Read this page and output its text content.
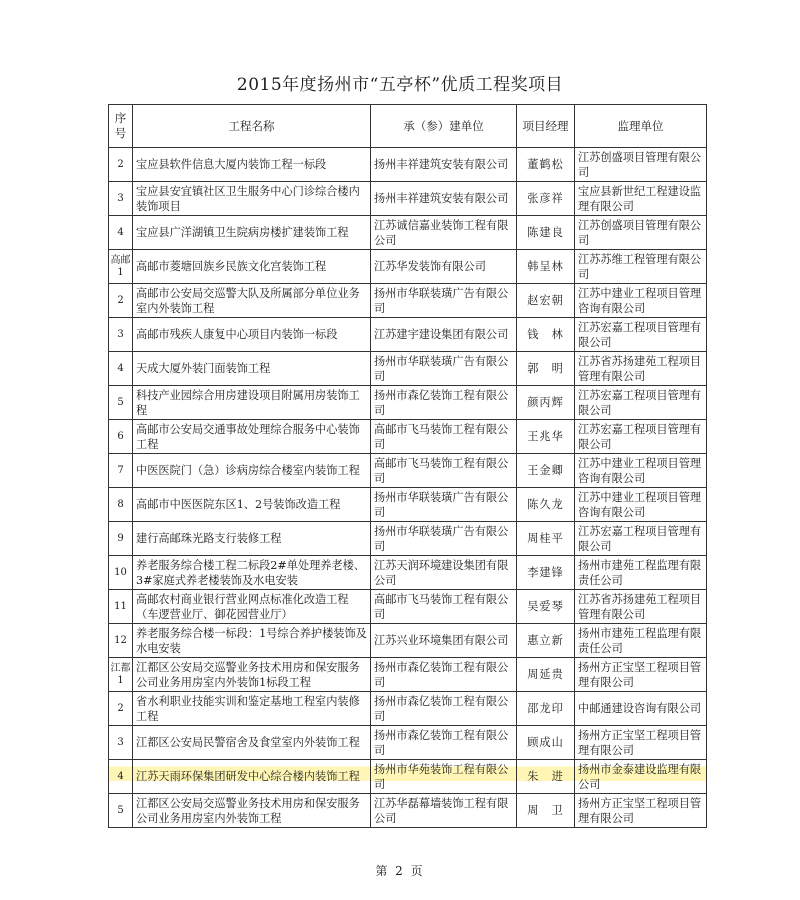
2015年度扬州市“五亭杯”优质工程奖项目
序号	工程名称	承（参）建单位	项目经理	监理单位
2	宝应县软件信息大厦内装饰工程一标段	扬州丰祥建筑安装有限公司	董鹤松	江苏创盛项目管理有限公司
3	宝应县安宜镇社区卫生服务中心门诊综合楼内装饰项目	扬州丰祥建筑安装有限公司	张彦祥	宝应县新世纪工程建设监理有限公司
4	宝应县广洋湖镇卫生院病房楼扩建装饰工程	江苏诚信嘉业装饰工程有限公司	陈建良	江苏创盛项目管理有限公司
高邮1	高邮市菱塘回族乡民族文化宫装饰工程	江苏华发装饰有限公司	韩呈林	江苏苏维工程管理有限公司
2	高邮市公安局交巡警大队及所属部分单位业务室内外装饰工程	扬州市华联装璜广告有限公司	赵宏朝	江苏中建业工程项目管理咨询有限公司
3	高邮市残疾人康复中心项目内装饰一标段	江苏建宇建设集团有限公司	钱　林	江苏宏嘉工程项目管理有限公司
4	天成大厦外装门面装饰工程	扬州市华联装璜广告有限公司	郭　明	江苏省苏扬建苑工程项目管理有限公司
5	科技产业园综合用房建设项目附属用房装饰工程	扬州市森亿装饰工程有限公司	颜丙辉	江苏宏嘉工程项目管理有限公司
6	高邮市公安局交通事故处理综合服务中心装饰工程	高邮市飞马装饰工程有限公司	王兆华	江苏宏嘉工程项目管理有限公司
7	中医医院门（急）诊病房综合楼室内装饰工程	高邮市飞马装饰工程有限公司	王金卿	江苏中建业工程项目管理咨询有限公司
8	高邮市中医医院东区1、2号装饰改造工程	扬州市华联装璜广告有限公司	陈久龙	江苏中建业工程项目管理咨询有限公司
9	建行高邮珠光路支行装修工程	扬州市华联装璜广告有限公司	周桂平	江苏宏嘉工程项目管理有限公司
10	养老服务综合楼工程二标段2#单处理养老楼、3#家庭式养老楼装饰及水电安装	江苏天润环境建设集团有限公司	李建锋	扬州市建苑工程监理有限责任公司
11	高邮农村商业银行营业网点标准化改造工程（车逻营业厅、御花园营业厅）	高邮市飞马装饰工程有限公司	吴爱琴	江苏省苏扬建苑工程项目管理有限公司
12	养老服务综合楼一标段：1号综合养护楼装饰及水电安装	江苏兴业环境集团有限公司	惠立新	扬州市建苑工程监理有限责任公司
江都1	江都区公安局交巡警业务技术用房和保安服务公司业务用房室内外装饰1标段工程	扬州市森亿装饰工程有限公司	周延贵	扬州方正宝坚工程项目管理有限公司
2	省水利职业技能实训和鉴定基地工程室内装修工程	扬州市森亿装饰工程有限公司	邵龙印	中邮通建设咨询有限公司
3	江都区公安局民警宿舍及食堂室内外装饰工程	扬州市森亿装饰工程有限公司	顾成山	扬州方正宝坚工程项目管理有限公司
4	江苏天雨环保集团研发中心综合楼内装饰工程	扬州市华苑装饰工程有限公司	朱　进	扬州市金泰建设监理有限公司
5	江都区公安局交巡警业务技术用房和保安服务公司业务用房室内外装饰工程	江苏华磊幕墙装饰工程有限公司	周　卫	扬州方正宝坚工程项目管理有限公司
第 2 页
